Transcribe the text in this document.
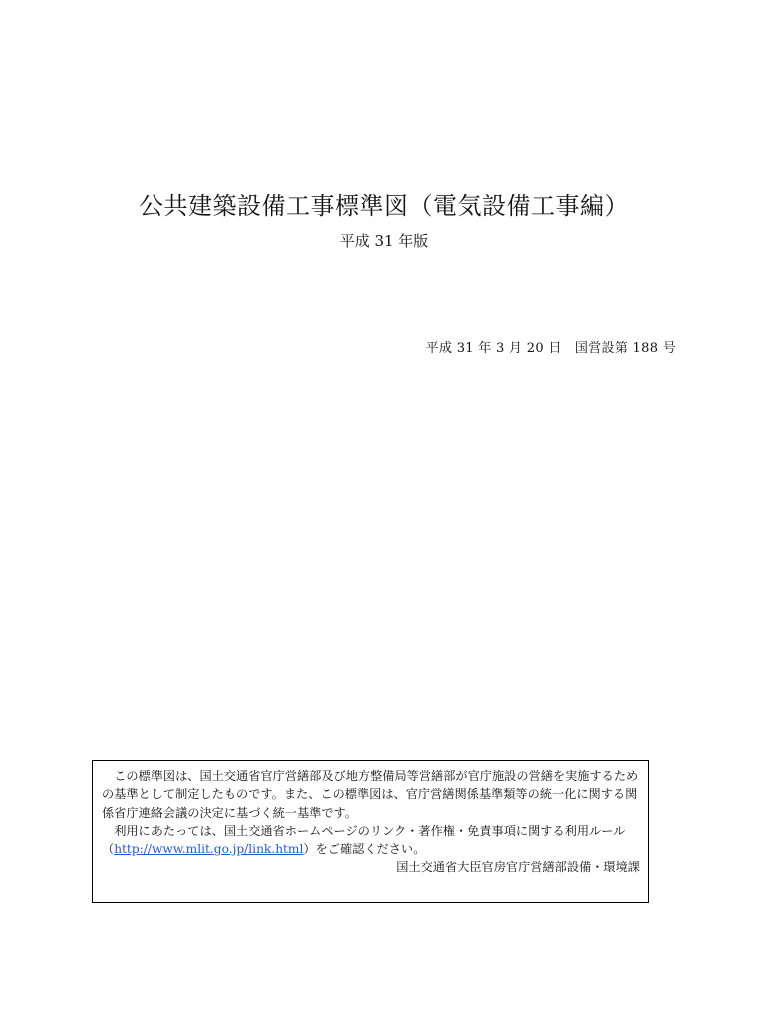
公共建築設備工事標準図（電気設備工事編）
平成 31 年版
平成 31 年 3 月 20 日　国営設第 188 号

この標準図は、国土交通省官庁営繕部及び地方整備局等営繕部が官庁施設の営繕を実施するための基準として制定したものです。また、この標準図は、官庁営繕関係基準類等の統一化に関する関係省庁連絡会議の決定に基づく統一基準です。

利用にあたっては、国土交通省ホームページのリンク・著作権・免責事項に関する利用ルール（http://www.mlit.go.jp/link.html）をご確認ください。

国土交通省大臣官房官庁営繕部設備・環境課
